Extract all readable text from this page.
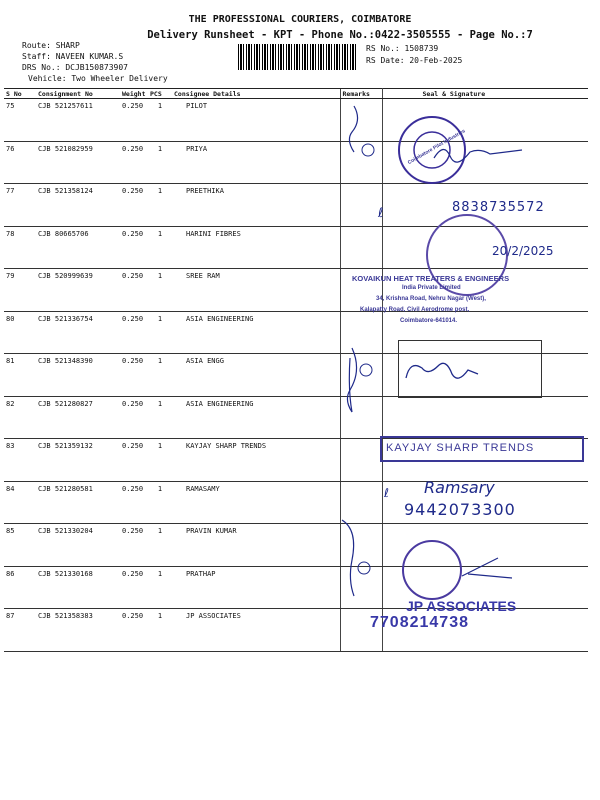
THE PROFESSIONAL COURIERS, COIMBATORE
Delivery Runsheet - KPT - Phone No.:0422-3505555 - Page No.:7
Route: SHARP
Staff: NAVEEN KUMAR.S
DRS No.: DCJB150873907
Vehicle: Two Wheeler Delivery
RS No.: 1508739
RS Date: 20-Feb-2025
S No	Consignment No	Weight	PCS	Consignee Details	Remarks	Seal & Signature
75	CJB 521257611	0.250	1	PILOT		
76	CJB 521082959	0.250	1	PRIYA		
77	CJB 521358124	0.250	1	PREETHIKA		
78	CJB 80665706	0.250	1	HARINI FIBRES		
79	CJB 520999639	0.250	1	SREE RAM		
80	CJB 521336754	0.250	1	ASIA ENGINEERING		
81	CJB 521348390	0.250	1	ASIA ENGG		
82	CJB 521280827	0.250	1	ASIA ENGINEERING		
83	CJB 521359132	0.250	1	KAYJAY SHARP TRENDS		
84	CJB 521280581	0.250	1	RAMASAMY		
85	CJB 521330204	0.250	1	PRAVIN KUMAR		
86	CJB 521330168	0.250	1	PRATHAP		
87	CJB 521358383	0.250	1	JP ASSOCIATES		
Coimbatore Pilot Industries
ℓ	8838735572
20/2/2025
KOVAIKUN HEAT TREATERS & ENGINEERS
India Private Limited
34, Krishna Road, Nehru Nagar (West),
Kalapatty Road, Civil Aerodrome post,
Coimbatore-641014.
KAYJAY SHARP TRENDS
ℓ Ramsary
9442073300
JP ASSOCIATES
7708214738
